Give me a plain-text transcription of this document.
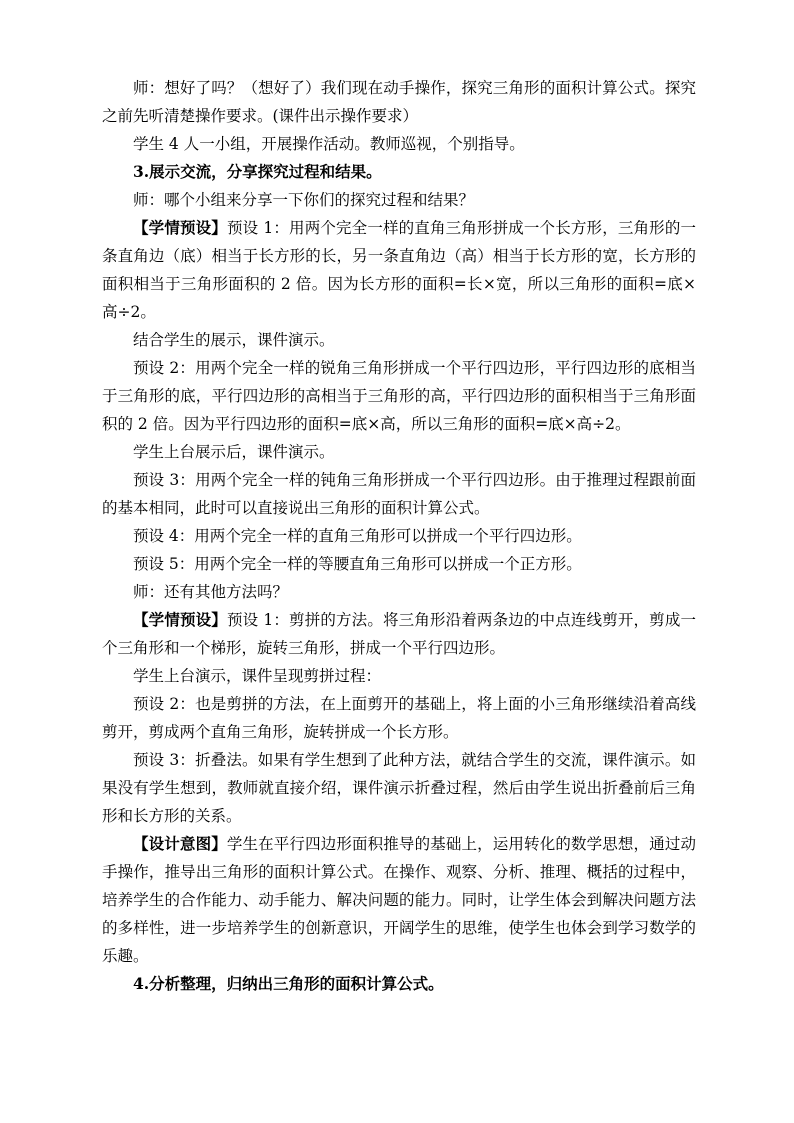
师：想好了吗？（想好了）我们现在动手操作，探究三角形的面积计算公式。探究之前先听清楚操作要求。(课件出示操作要求）

学生 4 人一小组，开展操作活动。教师巡视，个别指导。

3.展示交流，分享探究过程和结果。

师：哪个小组来分享一下你们的探究过程和结果？

【学情预设】预设 1：用两个完全一样的直角三角形拼成一个长方形，三角形的一条直角边（底）相当于长方形的长，另一条直角边（高）相当于长方形的宽，长方形的面积相当于三角形面积的 2 倍。因为长方形的面积=长×宽，所以三角形的面积=底×高÷2。

结合学生的展示，课件演示。

预设 2：用两个完全一样的锐角三角形拼成一个平行四边形，平行四边形的底相当于三角形的底，平行四边形的高相当于三角形的高，平行四边形的面积相当于三角形面积的 2 倍。因为平行四边形的面积=底×高，所以三角形的面积=底×高÷2。

学生上台展示后，课件演示。

预设 3：用两个完全一样的钝角三角形拼成一个平行四边形。由于推理过程跟前面的基本相同，此时可以直接说出三角形的面积计算公式。

预设 4：用两个完全一样的直角三角形可以拼成一个平行四边形。

预设 5：用两个完全一样的等腰直角三角形可以拼成一个正方形。

师：还有其他方法吗？

【学情预设】预设 1：剪拼的方法。将三角形沿着两条边的中点连线剪开，剪成一个三角形和一个梯形，旋转三角形，拼成一个平行四边形。

学生上台演示，课件呈现剪拼过程：

预设 2：也是剪拼的方法，在上面剪开的基础上，将上面的小三角形继续沿着高线剪开，剪成两个直角三角形，旋转拼成一个长方形。

预设 3：折叠法。如果有学生想到了此种方法，就结合学生的交流，课件演示。如果没有学生想到，教师就直接介绍，课件演示折叠过程，然后由学生说出折叠前后三角形和长方形的关系。

【设计意图】学生在平行四边形面积推导的基础上，运用转化的数学思想，通过动手操作，推导出三角形的面积计算公式。在操作、观察、分析、推理、概括的过程中，培养学生的合作能力、动手能力、解决问题的能力。同时，让学生体会到解决问题方法的多样性，进一步培养学生的创新意识，开阔学生的思维，使学生也体会到学习数学的乐趣。

4.分析整理，归纳出三角形的面积计算公式。
